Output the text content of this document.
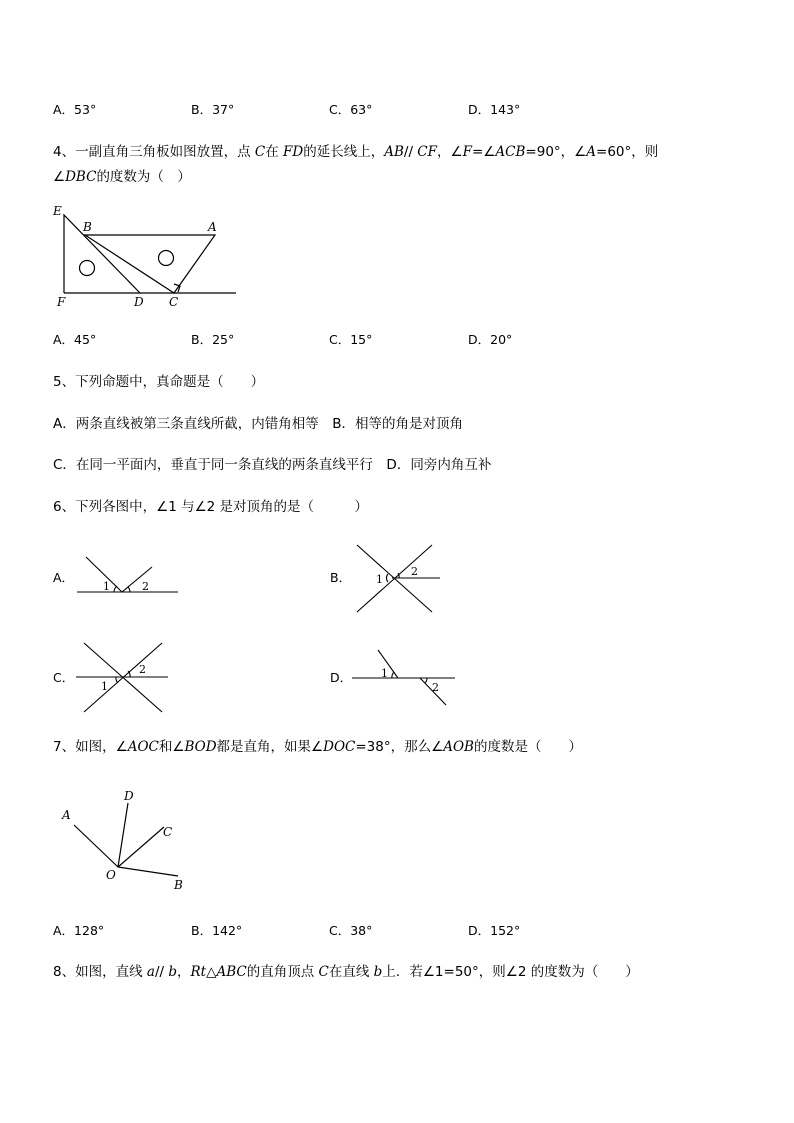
A．53°	B．37°	C．63°	D．143°
4、一副直角三角板如图放置，点 C在 FD的延长线上，AB// CF，∠F=∠ACB=90°，∠A=60°，则
∠DBC的度数为（　）
E
B	A
F	D C
A．45°	B．25°	C．15°	D．20°
5、下列命题中，真命题是（　　）
A．两条直线被第三条直线所截，内错角相等　B．相等的角是对顶角
C．在同一平面内，垂直于同一条直线的两条直线平行　D．同旁内角互补
6、下列各图中，∠1 与∠2 是对顶角的是（　　　）
A．
1	2
B． 1
2
C．
1
2
D．	1
2
7、如图，∠AOC和∠BOD都是直角，如果∠DOC=38°，那么∠AOB的度数是（　　）
A
D
C
O
B
A．128°	B．142°	C．38°	D．152°
8、如图，直线 a// b，Rt△ABC的直角顶点 C在直线 b上．若∠1=50°，则∠2 的度数为（　　）
